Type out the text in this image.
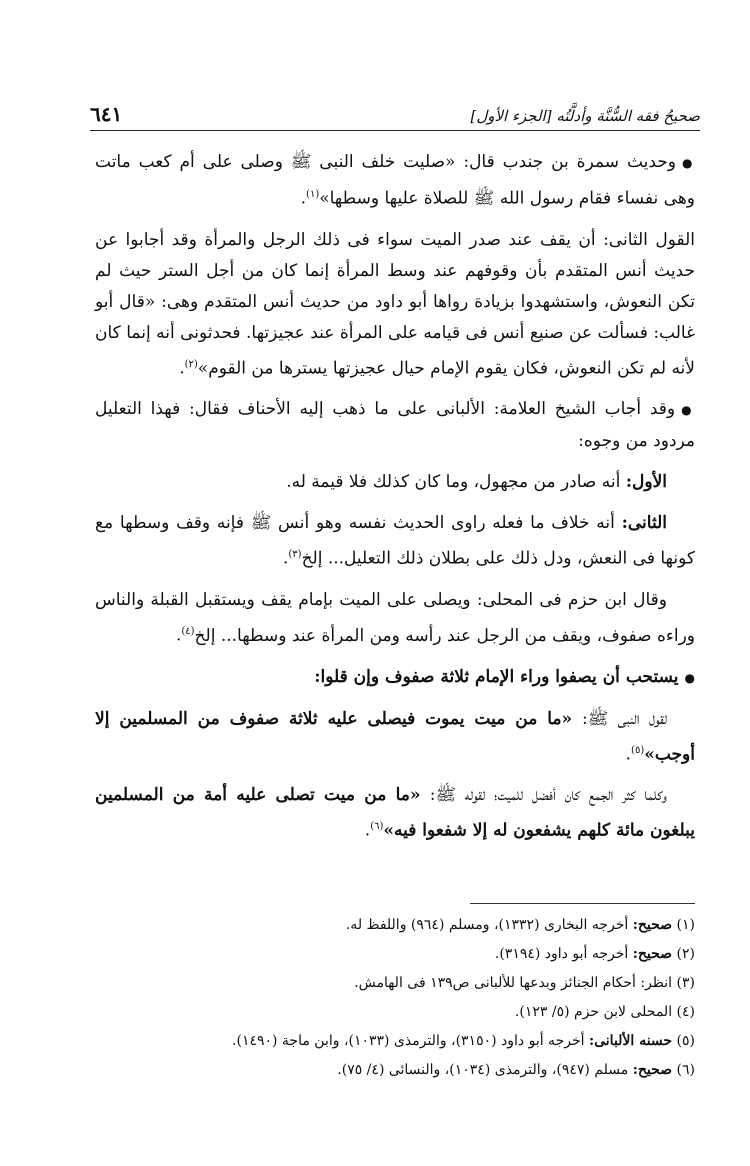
٦٤١	صحيحُ فقه السُّنَّة وأدلَّتُه [الجزء الأول]

●وحديث سمرة بن جندب قال: «صليت خلف النبى ﷺ وصلى على أم كعب ماتت وهى نفساء فقام رسول الله ﷺ للصلاة عليها وسطها»$^{(١)}$.

القول الثانى: أن يقف عند صدر الميت سواء فى ذلك الرجل والمرأة وقد أجابوا عن حديث أنس المتقدم بأن وقوفهم عند وسط المرأة إنما كان من أجل الستر حيث لم تكن النعوش، واستشهدوا بزيادة رواها أبو داود من حديث أنس المتقدم وهى: «قال أبو غالب: فسألت عن صنيع أنس فى قيامه على المرأة عند عجيزتها. فحدثونى أنه إنما كان لأنه لم تكن النعوش، فكان يقوم الإمام حيال عجيزتها يسترها من القوم»$^{(٢)}$.

●وقد أجاب الشيخ العلامة: الألبانى على ما ذهب إليه الأحناف فقال: فهذا التعليل مردود من وجوه:

الأول: أنه صادر من مجهول، وما كان كذلك فلا قيمة له.

الثانى: أنه خلاف ما فعله راوى الحديث نفسه وهو أنس ﷺ فإنه وقف وسطها مع كونها فى النعش، ودل ذلك على بطلان ذلك التعليل... إلخ$^{(٣)}$.

وقال ابن حزم فى المحلى: ويصلى على الميت بإمام يقف ويستقبل القبلة والناس وراءه صفوف، ويقف من الرجل عند رأسه ومن المرأة عند وسطها... إلخ$^{(٤)}$.

●يستحب أن يصفوا وراء الإمام ثلاثة صفوف وإن قلوا:

لقول النبى ﷺ: «ما من ميت يموت فيصلى عليه ثلاثة صفوف من المسلمين إلا أوجب»$^{(٥)}$.

وكلما كثر الجمع كان أفضل للميت؛ لقوله ﷺ: «ما من ميت تصلى عليه أمة من المسلمين يبلغون مائة كلهم يشفعون له إلا شفعوا فيه»$^{(٦)}$.

(١) صحيح: أخرجه البخارى (١٣٣٢)، ومسلم (٩٦٤) واللفظ له.
(٢) صحيح: أخرجه أبو داود (٣١٩٤).
(٣) انظر: أحكام الجنائز وبدعها للألبانى ص١٣٩ فى الهامش.
(٤) المحلى لابن حزم (٥/ ١٢٣).
(٥) حسنه الألبانى: أخرجه أبو داود (٣١٥٠)، والترمذى (١٠٣٣)، وابن ماجة (١٤٩٠).
(٦) صحيح: مسلم (٩٤٧)، والترمذى (١٠٣٤)، والنسائى (٤/ ٧٥).
